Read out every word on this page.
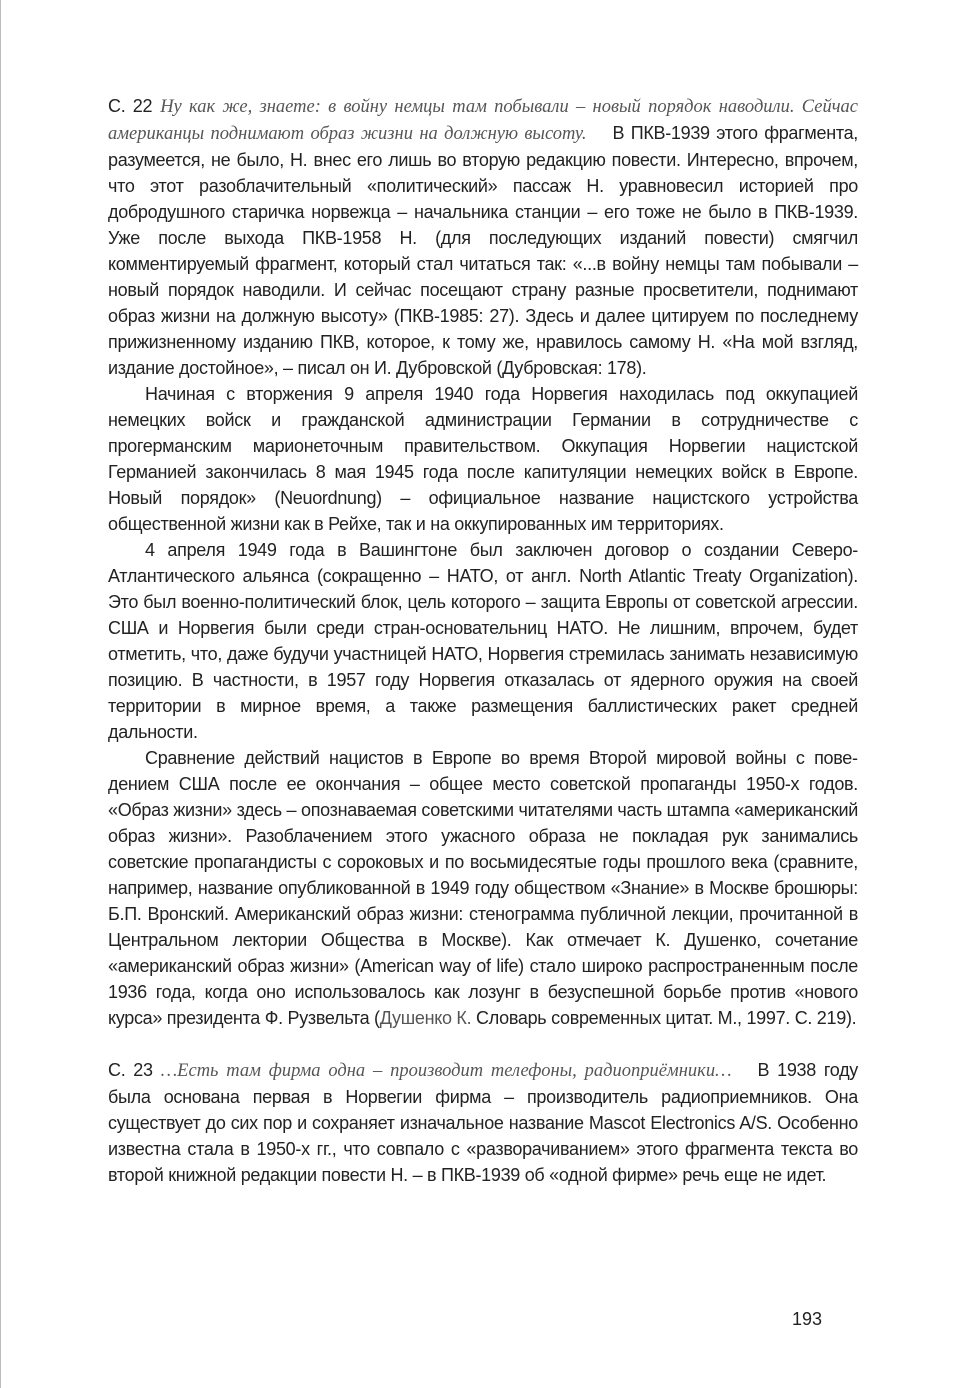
С. 22 Ну как же, знаете: в войну немцы там побывали – новый порядок наводили. Сейчас американцы поднимают образ жизни на должную высоту. В ПКВ-1939 этого фрагмента, разумеется, не было, Н. внес его лишь во вторую редакцию повести. Интересно, впрочем, что этот разоблачительный «политический» пассаж Н. уравновесил историей про добродушного старичка норвежца – начальника станции – его тоже не было в ПКВ-1939. Уже после выхода ПКВ-1958 Н. (для последующих изданий повести) смягчил комментируемый фрагмент, который стал читаться так: «...в войну немцы там побывали – новый порядок наводили. И сейчас посещают страну разные просветители, поднимают образ жизни на должную высоту» (ПКВ-1985: 27). Здесь и далее цитируем по последнему прижизненному изданию ПКВ, которое, к тому же, нравилось самому Н. «На мой взгляд, издание достойное», – писал он И. Дубровской (Дубровская: 178).

Начиная с вторжения 9 апреля 1940 года Норвегия находилась под оккупацией немецких войск и гражданской администрации Германии в сотрудничестве с прогерманским марионеточным правительством. Оккупация Норвегии нацистской Германией закончилась 8 мая 1945 года после капитуляции немецких войск в Европе. Новый порядок» (Neuordnung) – официальное название нацистского устройства общественной жизни как в Рейхе, так и на оккупированных им территориях.

4 апреля 1949 года в Вашингтоне был заключен договор о создании Северо-Атлантического альянса (сокращенно – НАТО, от англ. North Atlantic Treaty Organization). Это был военно-политический блок, цель которого – защита Европы от советской агрессии. США и Норвегия были среди стран-основательниц НАТО. Не лишним, впрочем, будет отметить, что, даже будучи участницей НАТО, Норвегия стремилась занимать независимую позицию. В частности, в 1957 году Норвегия отказалась от ядерного оружия на своей территории в мирное время, а также размещения баллистических ракет средней дальности.

Сравнение действий нацистов в Европе во время Второй мировой войны с поведением США после ее окончания – общее место советской пропаганды 1950-х годов. «Образ жизни» здесь – опознаваемая советскими читателями часть штампа «американский образ жизни». Разоблачением этого ужасного образа не покладая рук занимались советские пропагандисты с сороковых и по восьмидесятые годы прошлого века (сравните, например, название опубликованной в 1949 году обществом «Знание» в Москве брошюры: Б.П. Вронский. Американский образ жизни: стенограмма публичной лекции, прочитанной в Центральном лектории Общества в Москве). Как отмечает К. Душенко, сочетание «американский образ жизни» (American way of life) стало широко распространенным после 1936 года, когда оно использовалось как лозунг в безуспешной борьбе против «нового курса» президента Ф. Рузвельта (Душенко К. Словарь современных цитат. М., 1997. С. 219).

С. 23 …Есть там фирма одна – производит телефоны, радиоприёмники… В 1938 году была основана первая в Норвегии фирма – производитель радиоприемников. Она существует до сих пор и сохраняет изначальное название Mascot Electronics A/S. Особенно известна стала в 1950-х гг., что совпало с «разворачиванием» этого фрагмента текста во второй книжной редакции повести Н. – в ПКВ-1939 об «одной фирме» речь еще не идет.

193
